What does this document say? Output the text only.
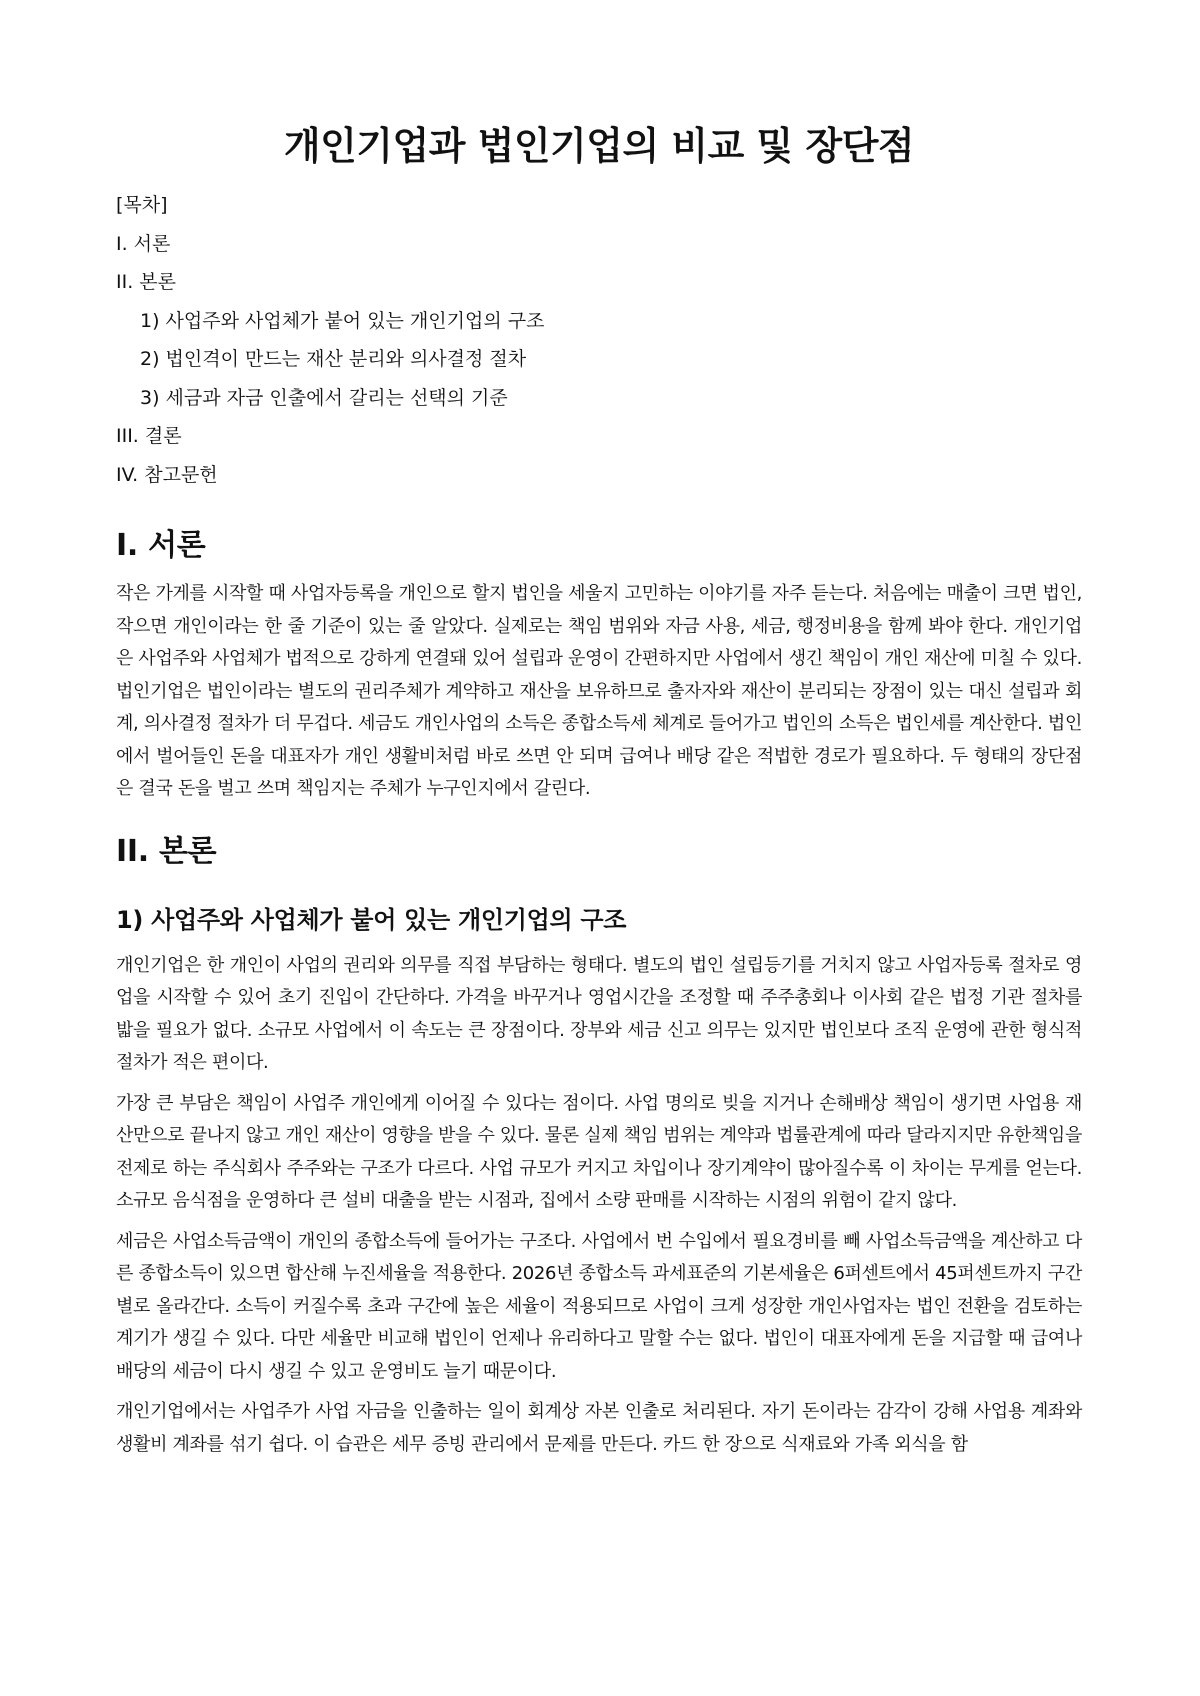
개인기업과 법인기업의 비교 및 장단점
[목차]
I. 서론
II. 본론
1) 사업주와 사업체가 붙어 있는 개인기업의 구조
2) 법인격이 만드는 재산 분리와 의사결정 절차
3) 세금과 자금 인출에서 갈리는 선택의 기준
III. 결론
IV. 참고문헌
I. 서론

작은 가게를 시작할 때 사업자등록을 개인으로 할지 법인을 세울지 고민하는 이야기를 자주 듣는다. 처음에는 매출이 크면 법인, 작으면 개인이라는 한 줄 기준이 있는 줄 알았다. 실제로는 책임 범위와 자금 사용, 세금, 행정비용을 함께 봐야 한다. 개인기업은 사업주와 사업체가 법적으로 강하게 연결돼 있어 설립과 운영이 간편하지만 사업에서 생긴 책임이 개인 재산에 미칠 수 있다. 법인기업은 법인이라는 별도의 권리주체가 계약하고 재산을 보유하므로 출자자와 재산이 분리되는 장점이 있는 대신 설립과 회계, 의사결정 절차가 더 무겁다. 세금도 개인사업의 소득은 종합소득세 체계로 들어가고 법인의 소득은 법인세를 계산한다. 법인에서 벌어들인 돈을 대표자가 개인 생활비처럼 바로 쓰면 안 되며 급여나 배당 같은 적법한 경로가 필요하다. 두 형태의 장단점은 결국 돈을 벌고 쓰며 책임지는 주체가 누구인지에서 갈린다.

II. 본론
1) 사업주와 사업체가 붙어 있는 개인기업의 구조

개인기업은 한 개인이 사업의 권리와 의무를 직접 부담하는 형태다. 별도의 법인 설립등기를 거치지 않고 사업자등록 절차로 영업을 시작할 수 있어 초기 진입이 간단하다. 가격을 바꾸거나 영업시간을 조정할 때 주주총회나 이사회 같은 법정 기관 절차를 밟을 필요가 없다. 소규모 사업에서 이 속도는 큰 장점이다. 장부와 세금 신고 의무는 있지만 법인보다 조직 운영에 관한 형식적 절차가 적은 편이다.

가장 큰 부담은 책임이 사업주 개인에게 이어질 수 있다는 점이다. 사업 명의로 빚을 지거나 손해배상 책임이 생기면 사업용 재산만으로 끝나지 않고 개인 재산이 영향을 받을 수 있다. 물론 실제 책임 범위는 계약과 법률관계에 따라 달라지지만 유한책임을 전제로 하는 주식회사 주주와는 구조가 다르다. 사업 규모가 커지고 차입이나 장기계약이 많아질수록 이 차이는 무게를 얻는다. 소규모 음식점을 운영하다 큰 설비 대출을 받는 시점과, 집에서 소량 판매를 시작하는 시점의 위험이 같지 않다.

세금은 사업소득금액이 개인의 종합소득에 들어가는 구조다. 사업에서 번 수입에서 필요경비를 빼 사업소득금액을 계산하고 다른 종합소득이 있으면 합산해 누진세율을 적용한다. 2026년 종합소득 과세표준의 기본세율은 6퍼센트에서 45퍼센트까지 구간별로 올라간다. 소득이 커질수록 초과 구간에 높은 세율이 적용되므로 사업이 크게 성장한 개인사업자는 법인 전환을 검토하는 계기가 생길 수 있다. 다만 세율만 비교해 법인이 언제나 유리하다고 말할 수는 없다. 법인이 대표자에게 돈을 지급할 때 급여나 배당의 세금이 다시 생길 수 있고 운영비도 늘기 때문이다.

개인기업에서는 사업주가 사업 자금을 인출하는 일이 회계상 자본 인출로 처리된다. 자기 돈이라는 감각이 강해 사업용 계좌와 생활비 계좌를 섞기 쉽다. 이 습관은 세무 증빙 관리에서 문제를 만든다. 카드 한 장으로 식재료와 가족 외식을 함
